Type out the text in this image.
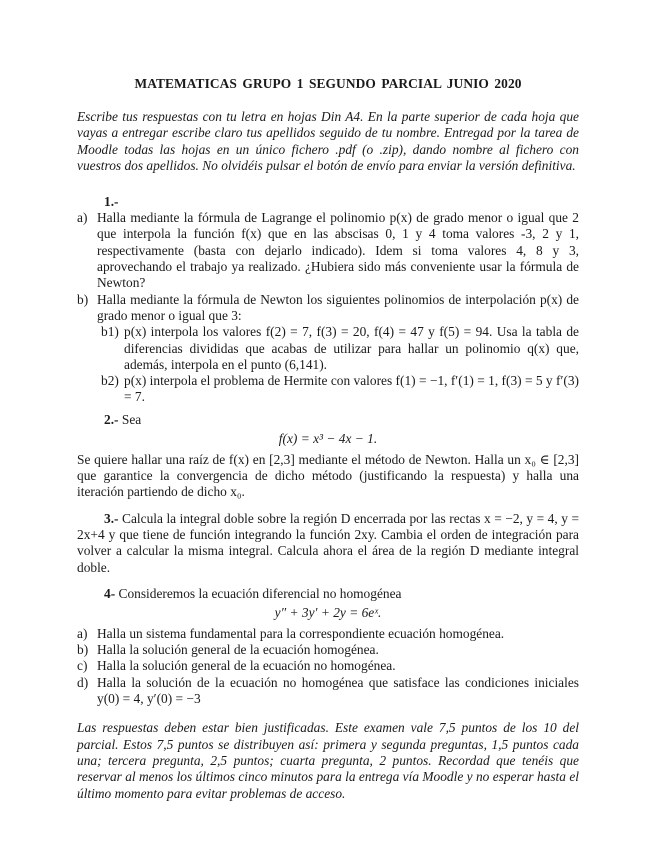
MATEMATICAS GRUPO 1 SEGUNDO PARCIAL JUNIO 2020

Escribe tus respuestas con tu letra en hojas Din A4. En la parte superior de cada hoja que vayas a entregar escribe claro tus apellidos seguido de tu nombre. Entregad por la tarea de Moodle todas las hojas en un único fichero .pdf (o .zip), dando nombre al fichero con vuestros dos apellidos. No olvidéis pulsar el botón de envío para enviar la versión definitiva.

1.-
a) Halla mediante la fórmula de Lagrange el polinomio p(x) de grado menor o igual que 2 que interpola la función f(x) que en las abscisas 0, 1 y 4 toma valores -3, 2 y 1, respectivamente (basta con dejarlo indicado). Idem si toma valores 4, 8 y 3, aprovechando el trabajo ya realizado. ¿Hubiera sido más conveniente usar la fórmula de Newton?
b) Halla mediante la fórmula de Newton los siguientes polinomios de interpolación p(x) de grado menor o igual que 3:
b1) p(x) interpola los valores f(2) = 7, f(3) = 20, f(4) = 47 y f(5) = 94. Usa la tabla de diferencias divididas que acabas de utilizar para hallar un polinomio q(x) que, además, interpola en el punto (6,141).
b2) p(x) interpola el problema de Hermite con valores f(1) = −1, f′(1) = 1, f(3) = 5 y f′(3) = 7.
2.- Sea
f(x) = x³ − 4x − 1.

Se quiere hallar una raíz de f(x) en [2,3] mediante el método de Newton. Halla un x₀ ∈ [2,3] que garantice la convergencia de dicho método (justificando la respuesta) y halla una iteración partiendo de dicho x₀.

3.- Calcula la integral doble sobre la región D encerrada por las rectas x = −2, y = 4, y = 2x+4 y que tiene de función integrando la función 2xy. Cambia el orden de integración para volver a calcular la misma integral. Calcula ahora el área de la región D mediante integral doble.

4- Consideremos la ecuación diferencial no homogénea
y″ + 3y′ + 2y = 6eˣ.
a) Halla un sistema fundamental para la correspondiente ecuación homogénea.
b) Halla la solución general de la ecuación homogénea.
c) Halla la solución general de la ecuación no homogénea.
d) Halla la solución de la ecuación no homogénea que satisface las condiciones iniciales y(0) = 4, y′(0) = −3

Las respuestas deben estar bien justificadas. Este examen vale 7,5 puntos de los 10 del parcial. Estos 7,5 puntos se distribuyen así: primera y segunda preguntas, 1,5 puntos cada una; tercera pregunta, 2,5 puntos; cuarta pregunta, 2 puntos. Recordad que tenéis que reservar al menos los últimos cinco minutos para la entrega vía Moodle y no esperar hasta el último momento para evitar problemas de acceso.
